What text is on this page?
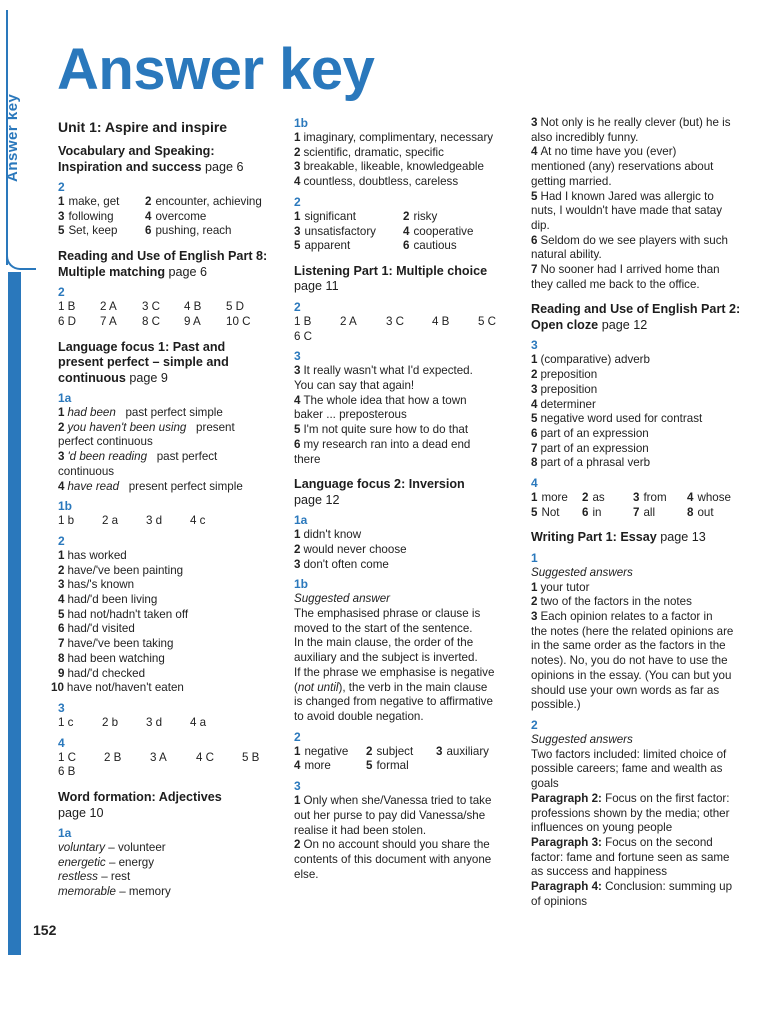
Answer key
Answer key
Unit 1: Aspire and inspire
Vocabulary and Speaking:
Inspiration and success page 6
2
1 make, get	2 encounter, achieving
3 following	4 overcome
5 Set, keep	6 pushing, reach
Reading and Use of English Part 8:
Multiple matching page 6
2
1 B	2 A	3 C	4 B	5 D
6 D	7 A	8 C	9 A	10 C
Language focus 1: Past and
present perfect – simple and
continuous page 9
1a
1 had been past perfect simple
2 you haven't been using present
perfect continuous
3 'd been reading past perfect
continuous
4 have read present perfect simple
1b
1 b	2 a	3 d	4 c
2
1 has worked
2 have/'ve been painting
3 has/'s known
4 had/'d been living
5 had not/hadn't taken off
6 had/'d visited
7 have/'ve been taking
8 had been watching
9 had/'d checked
10 have not/haven't eaten
3
1 c	2 b	3 d	4 a
4
1 C	2 B	3 A	4 C	5 B
6 B
Word formation: Adjectives
page 10
1a
voluntary – volunteer
energetic – energy
restless – rest
memorable – memory
1b
1 imaginary, complimentary, necessary
2 scientific, dramatic, specific
3 breakable, likeable, knowledgeable
4 countless, doubtless, careless
2
1 significant	2 risky
3 unsatisfactory	4 cooperative
5 apparent	6 cautious
Listening Part 1: Multiple choice
page 11
2
1 B	2 A	3 C	4 B	5 C
6 C
3
3 It really wasn't what I'd expected.
You can say that again!
4 The whole idea that how a town
baker ... preposterous
5 I'm not quite sure how to do that
6 my research ran into a dead end
there
Language focus 2: Inversion
page 12
1a
1 didn't know
2 would never choose
3 don't often come
1b
Suggested answer
The emphasised phrase or clause is
moved to the start of the sentence.
In the main clause, the order of the
auxiliary and the subject is inverted.
If the phrase we emphasise is negative
(not until), the verb in the main clause
is changed from negative to affirmative
to avoid double negation.
2
1 negative	2 subject	3 auxiliary
4 more	5 formal
3
1 Only when she/Vanessa tried to take
out her purse to pay did Vanessa/she
realise it had been stolen.
2 On no account should you share the
contents of this document with anyone
else.
3 Not only is he really clever (but) he is
also incredibly funny.
4 At no time have you (ever)
mentioned (any) reservations about
getting married.
5 Had I known Jared was allergic to
nuts, I wouldn't have made that satay
dip.
6 Seldom do we see players with such
natural ability.
7 No sooner had I arrived home than
they called me back to the office.
Reading and Use of English Part 2:
Open cloze page 12
3
1 (comparative) adverb
2 preposition
3 preposition
4 determiner
5 negative word used for contrast
6 part of an expression
7 part of an expression
8 part of a phrasal verb
4
1 more	2 as	3 from	4 whose
5 Not	6 in	7 all	8 out
Writing Part 1: Essay page 13
1
Suggested answers
1 your tutor
2 two of the factors in the notes
3 Each opinion relates to a factor in
the notes (here the related opinions are
in the same order as the factors in the
notes). No, you do not have to use the
opinions in the essay. (You can but you
should use your own words as far as
possible.)
2
Suggested answers
Two factors included: limited choice of
possible careers; fame and wealth as
goals
Paragraph 2: Focus on the first factor:
professions shown by the media; other
influences on young people
Paragraph 3: Focus on the second
factor: fame and fortune seen as same
as success and happiness
Paragraph 4: Conclusion: summing up
of opinions
152
